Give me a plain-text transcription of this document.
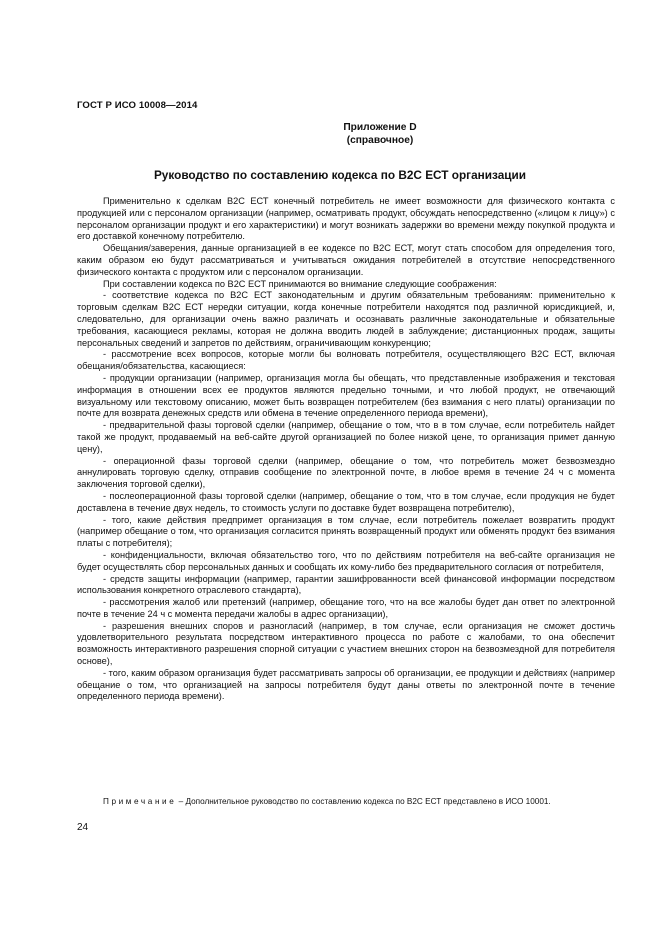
ГОСТ Р ИСО 10008—2014
Приложение D
(справочное)
Руководство по составлению кодекса по В2С ЕСТ организации

Применительно к сделкам В2С ЕСТ конечный потребитель не имеет возможности для физического контакта с продукцией или с персоналом организации (например, осматривать продукт, обсуждать непосредственно («лицом к лицу») с персоналом организации продукт и его характеристики) и могут возникать задержки во времени между покупкой продукта и его доставкой конечному потребителю.

Обещания/заверения, данные организацией в ее кодексе по В2С ЕСТ, могут стать способом для определения того, каким образом ею будут рассматриваться и учитываться ожидания потребителей в отсутствие непосредственного физического контакта с продуктом или с персоналом организации.

При составлении кодекса по В2С ЕСТ принимаются во внимание следующие соображения:

- соответствие кодекса по В2С ЕСТ законодательным и другим обязательным требованиям: применительно к торговым сделкам В2С ЕСТ нередки ситуации, когда конечные потребители находятся под различной юрисдикцией, и, следовательно, для организации очень важно различать и осознавать различные законодательные и обязательные требования, касающиеся рекламы, которая не должна вводить людей в заблуждение; дистанционных продаж, защиты персональных сведений и запретов по действиям, ограничивающим конкуренцию;

- рассмотрение всех вопросов, которые могли бы волновать потребителя, осуществляющего В2С ЕСТ, включая обещания/обязательства, касающиеся:

- продукции организации (например, организация могла бы обещать, что представленные изображения и текстовая информация в отношении всех ее продуктов являются предельно точными, и что любой продукт, не отвечающий визуальному или текстовому описанию, может быть возвращен потребителем (без взимания с него платы) организации по почте для возврата денежных средств или обмена в течение определенного периода времени),

- предварительной фазы торговой сделки (например, обещание о том, что в в том случае, если потребитель найдет такой же продукт, продаваемый на веб-сайте другой организацией по более низкой цене, то организация примет данную цену),

- операционной фазы торговой сделки (например, обещание о том, что потребитель может безвозмездно аннулировать торговую сделку, отправив сообщение по электронной почте, в любое время в течение 24 ч с момента заключения торговой сделки),

- послеоперационной фазы торговой сделки (например, обещание о том, что в том случае, если продукция не будет доставлена в течение двух недель, то стоимость услуги по доставке будет возвращена потребителю),

- того, какие действия предпримет организация в том случае, если потребитель пожелает возвратить продукт (например обещание о том, что организация согласится принять возвращенный продукт или обменять продукт без взимания платы с потребителя);

- конфиденциальности, включая обязательство того, что по действиям потребителя на веб-сайте организация не будет осуществлять сбор персональных данных и сообщать их кому-либо без предварительного согласия от потребителя,

- средств защиты информации (например, гарантии зашифрованности всей финансовой информации посредством использования конкретного отраслевого стандарта),

- рассмотрения жалоб или претензий (например, обещание того, что на все жалобы будет дан ответ по электронной почте в течение 24 ч с момента передачи жалобы в адрес организации),

- разрешения внешних споров и разногласий (например, в том случае, если организация не сможет достичь удовлетворительного результата посредством интерактивного процесса по работе с жалобами, то она обеспечит возможность интерактивного разрешения спорной ситуации с участием внешних сторон на безвозмездной для потребителя основе),

- того, каким образом организация будет рассматривать запросы об организации, ее продукции и действиях (например обещание о том, что организацией на запросы потребителя будут даны ответы по электронной почте в течение определенного периода времени).

Примечание – Дополнительное руководство по составлению кодекса по В2С ЕСТ представлено в ИСО 10001.
24
